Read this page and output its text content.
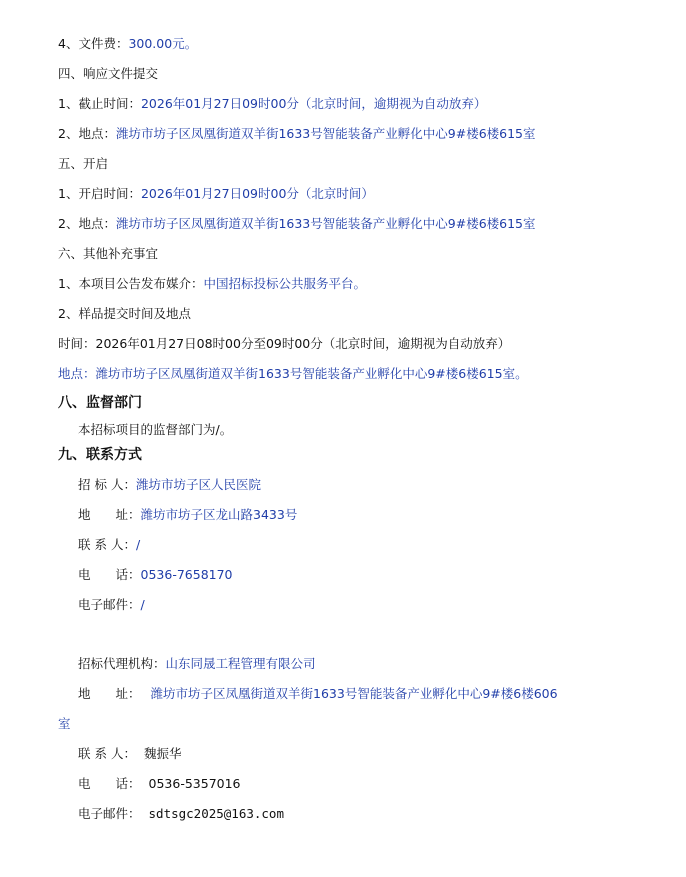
4、文件费：300.00元。
四、响应文件提交
1、截止时间：2026年01月27日09时00分（北京时间，逾期视为自动放弃）
2、地点：潍坊市坊子区凤凰街道双羊街1633号智能装备产业孵化中心9#楼6楼615室
五、开启
1、开启时间：2026年01月27日09时00分（北京时间）
2、地点：潍坊市坊子区凤凰街道双羊街1633号智能装备产业孵化中心9#楼6楼615室
六、其他补充事宜
1、本项目公告发布媒介：中国招标投标公共服务平台。
2、样品提交时间及地点
时间：2026年01月27日08时00分至09时00分（北京时间，逾期视为自动放弃）
地点：潍坊市坊子区凤凰街道双羊街1633号智能装备产业孵化中心9#楼6楼615室。
八、监督部门
本招标项目的监督部门为/。
九、联系方式
招 标 人：潍坊市坊子区人民医院
地　　址：潍坊市坊子区龙山路3433号
联 系 人：/
电　　话：0536-7658170
电子邮件：/
招标代理机构：山东同晟工程管理有限公司
地　　址： 潍坊市坊子区凤凰街道双羊街1633号智能装备产业孵化中心9#楼6楼606
室
联 系 人： 魏振华
电　　话： 0536-5357016
电子邮件： sdtsgc2025@163.com
